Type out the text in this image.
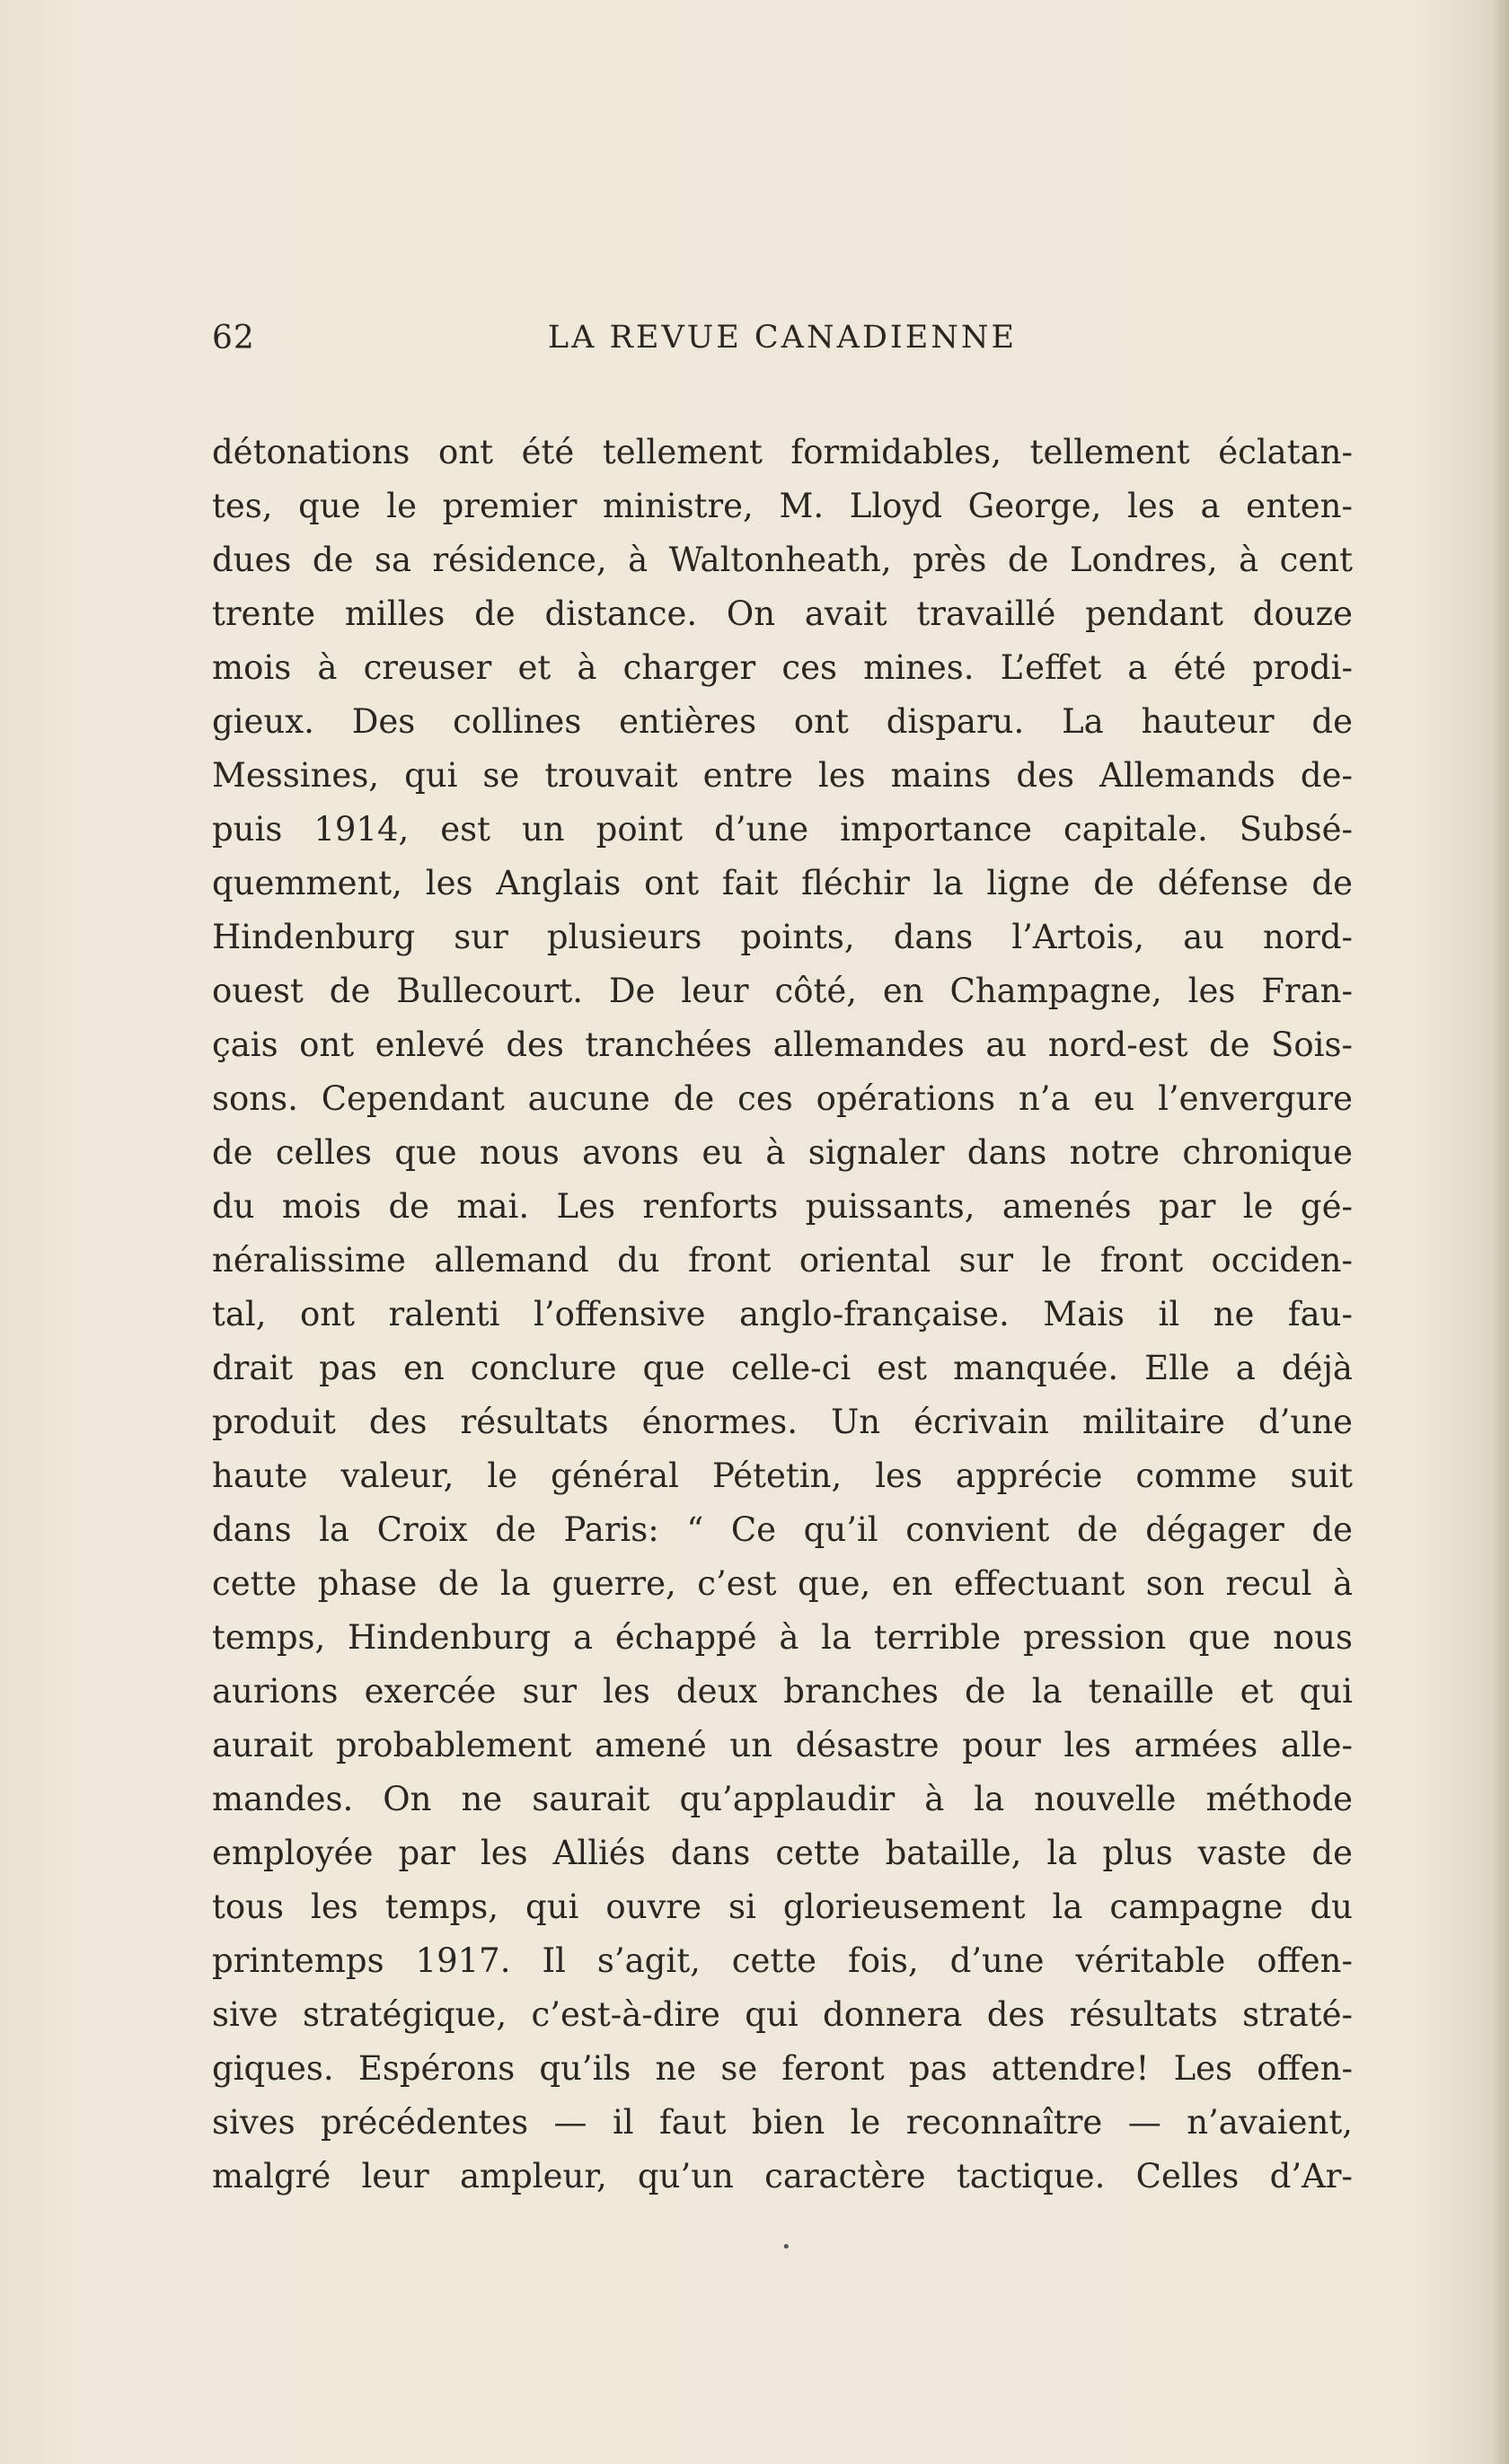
62	LA REVUE CANADIENNE
détonations ont été tellement formidables, tellement éclatan-
tes, que le premier ministre, M. Lloyd George, les a enten-
dues de sa résidence, à Waltonheath, près de Londres, à cent
trente milles de distance. On avait travaillé pendant douze
mois à creuser et à charger ces mines. L’effet a été prodi-
gieux. Des collines entières ont disparu. La hauteur de
Messines, qui se trouvait entre les mains des Allemands de-
puis 1914, est un point d’une importance capitale. Subsé-
quemment, les Anglais ont fait fléchir la ligne de défense de
Hindenburg sur plusieurs points, dans l’Artois, au nord-
ouest de Bullecourt. De leur côté, en Champagne, les Fran-
çais ont enlevé des tranchées allemandes au nord-est de Sois-
sons. Cependant aucune de ces opérations n’a eu l’envergure
de celles que nous avons eu à signaler dans notre chronique
du mois de mai. Les renforts puissants, amenés par le gé-
néralissime allemand du front oriental sur le front occiden-
tal, ont ralenti l’offensive anglo-française. Mais il ne fau-
drait pas en conclure que celle-ci est manquée. Elle a déjà
produit des résultats énormes. Un écrivain militaire d’une
haute valeur, le général Pétetin, les apprécie comme suit
dans la Croix de Paris: “ Ce qu’il convient de dégager de
cette phase de la guerre, c’est que, en effectuant son recul à
temps, Hindenburg a échappé à la terrible pression que nous
aurions exercée sur les deux branches de la tenaille et qui
aurait probablement amené un désastre pour les armées alle-
mandes. On ne saurait qu’applaudir à la nouvelle méthode
employée par les Alliés dans cette bataille, la plus vaste de
tous les temps, qui ouvre si glorieusement la campagne du
printemps 1917. Il s’agit, cette fois, d’une véritable offen-
sive stratégique, c’est-à-dire qui donnera des résultats straté-
giques. Espérons qu’ils ne se feront pas attendre! Les offen-
sives précédentes — il faut bien le reconnaître — n’avaient,
malgré leur ampleur, qu’un caractère tactique. Celles d’Ar-
•
